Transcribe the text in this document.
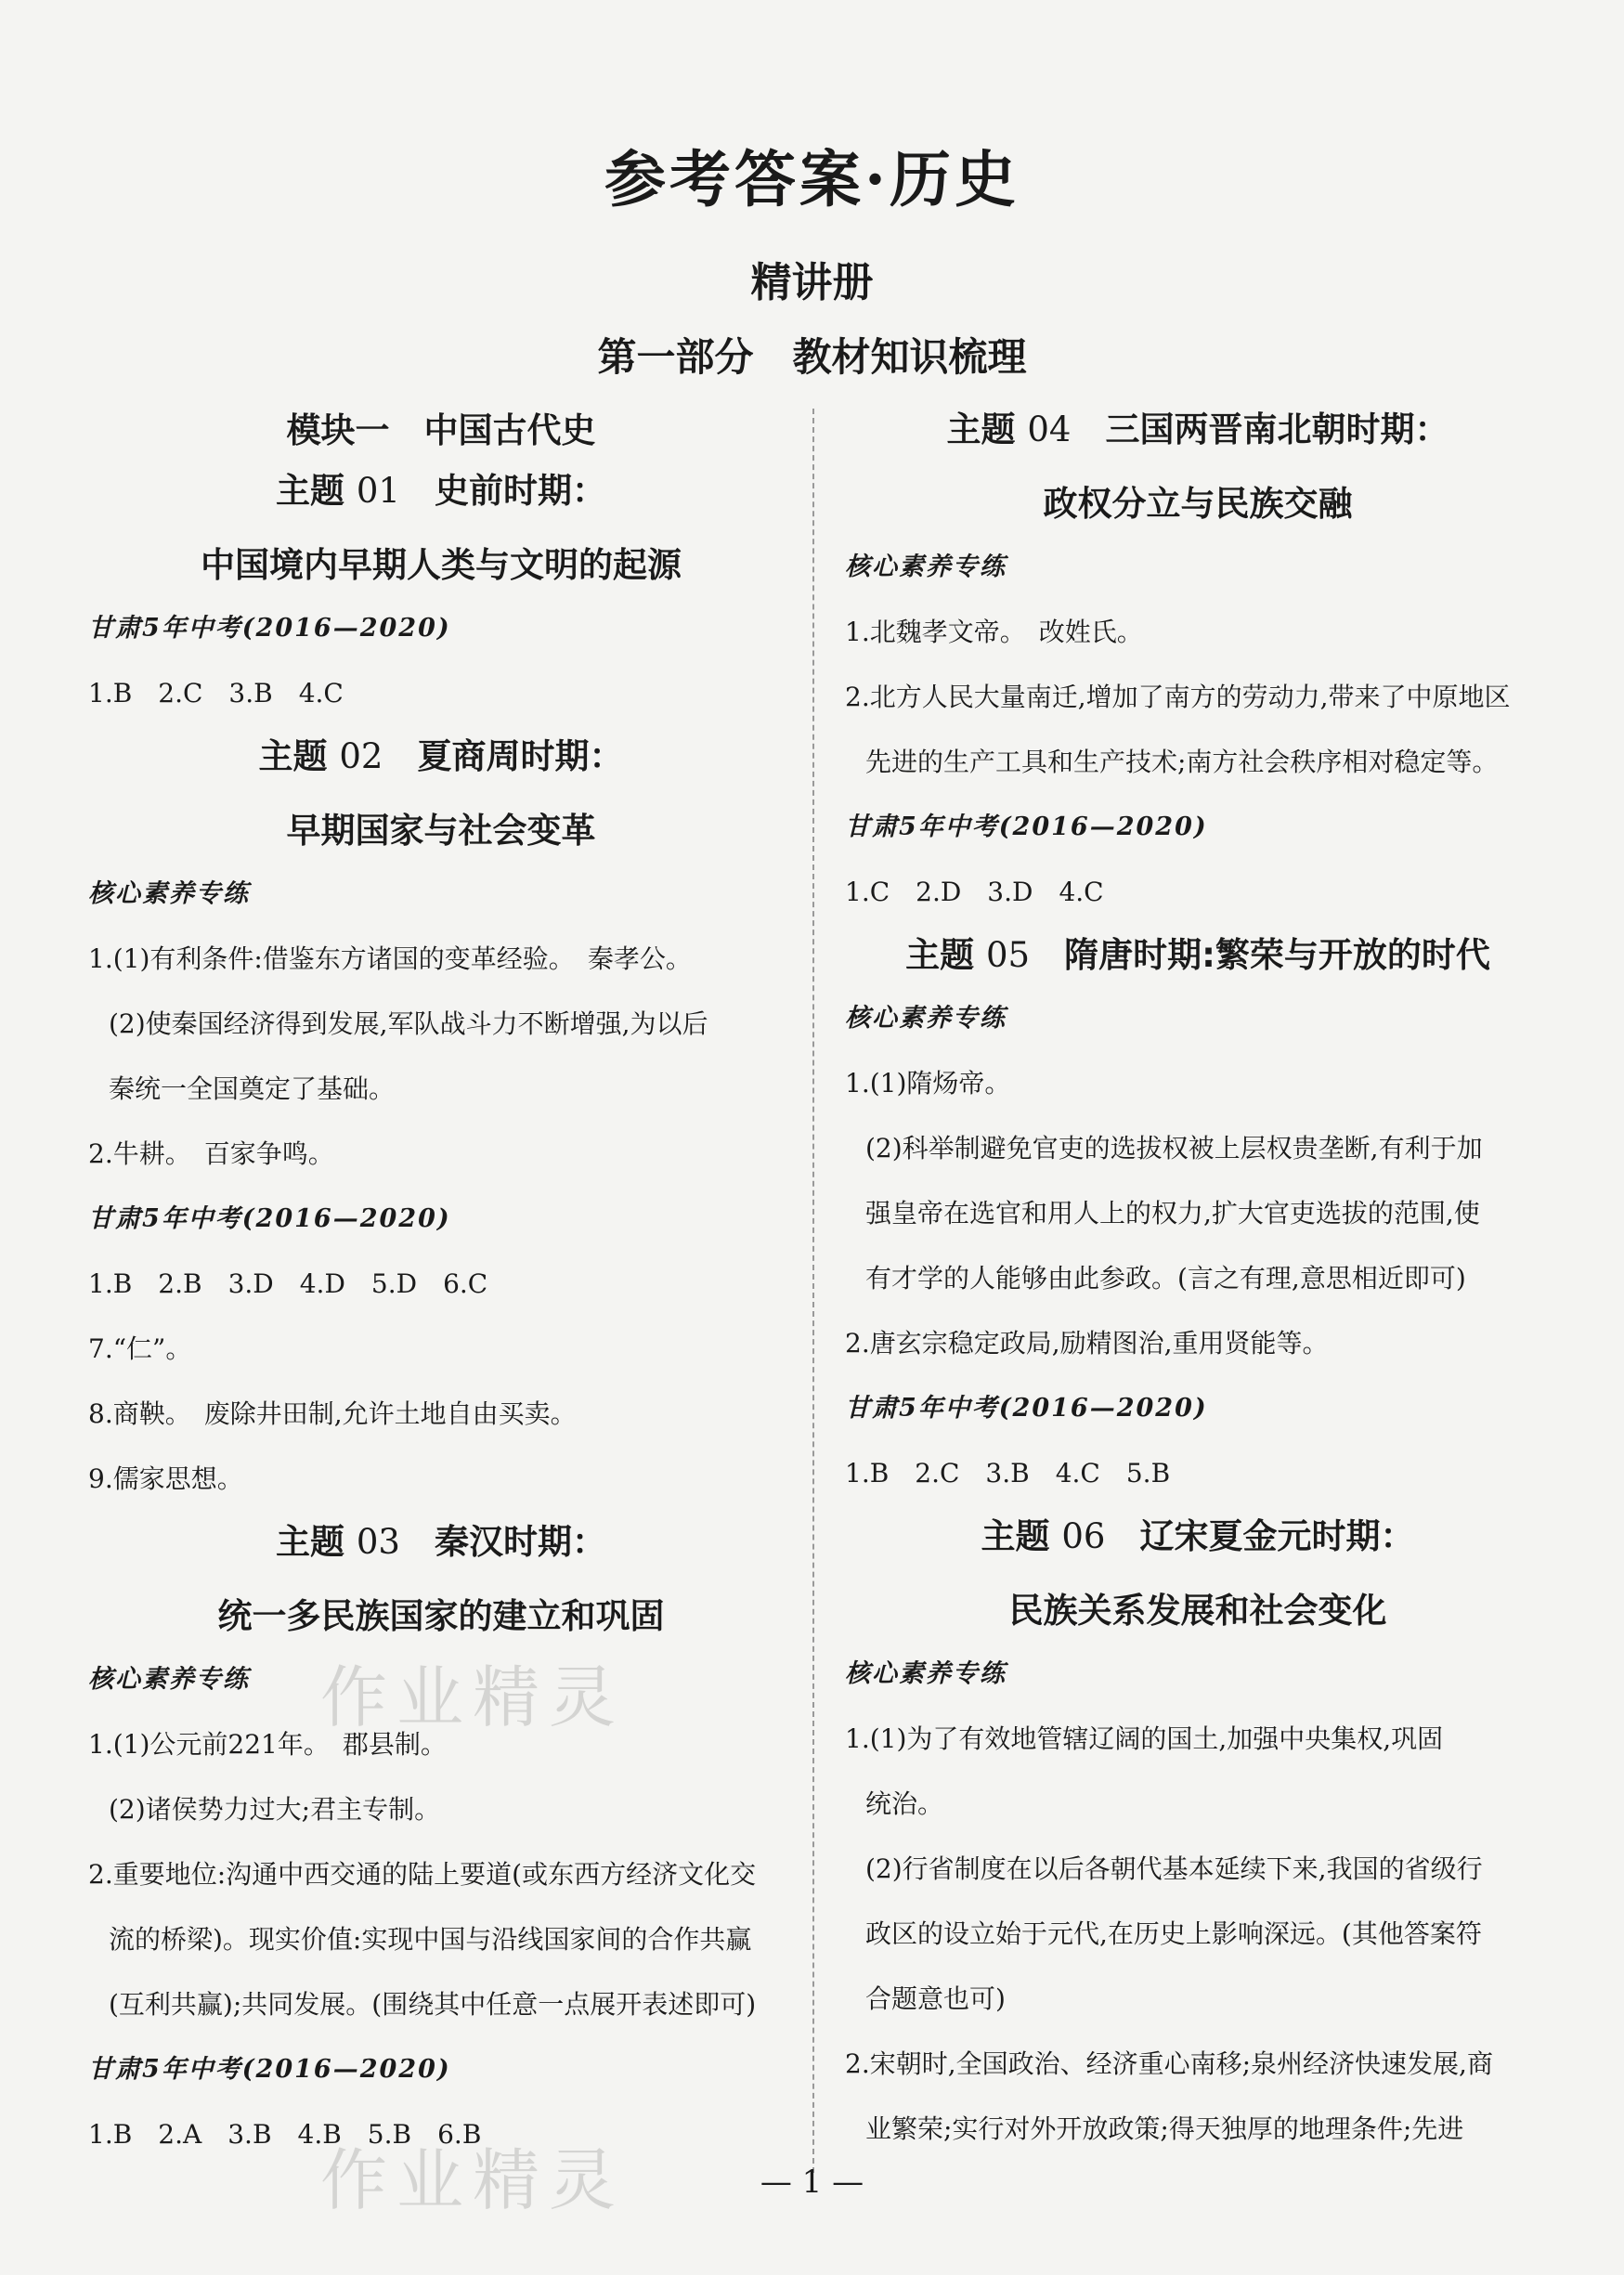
参考答案·历史
精讲册
第一部分　教材知识梳理
模块一　中国古代史
主题 01　 史前时期：
中国境内早期人类与文明的起源
甘肃5年中考(2016—2020)
1.B　2.C　3.B　4.C
主题 02　 夏商周时期：
早期国家与社会变革
核心素养专练
1.(1)有利条件:借鉴东方诸国的变革经验。　秦孝公。
(2)使秦国经济得到发展,军队战斗力不断增强,为以后
秦统一全国奠定了基础。
2.牛耕。　百家争鸣。
甘肃5年中考(2016—2020)
1.B　2.B　3.D　4.D　5.D　6.C
7.“仁”。
8.商鞅。　废除井田制,允许土地自由买卖。
9.儒家思想。
主题 03　 秦汉时期：
统一多民族国家的建立和巩固
核心素养专练
1.(1)公元前221年。　郡县制。
(2)诸侯势力过大;君主专制。
2.重要地位:沟通中西交通的陆上要道(或东西方经济文化交
流的桥梁)。现实价值:实现中国与沿线国家间的合作共赢
(互利共赢);共同发展。(围绕其中任意一点展开表述即可)
甘肃5年中考(2016—2020)
1.B　2.A　3.B　4.B　5.B　6.B
主题 04　 三国两晋南北朝时期：
政权分立与民族交融
核心素养专练
1.北魏孝文帝。　改姓氏。
2.北方人民大量南迁,增加了南方的劳动力,带来了中原地区
先进的生产工具和生产技术;南方社会秩序相对稳定等。
甘肃5年中考(2016—2020)
1.C　2.D　3.D　4.C
主题 05　 隋唐时期:繁荣与开放的时代
核心素养专练
1.(1)隋炀帝。
(2)科举制避免官吏的选拔权被上层权贵垄断,有利于加
强皇帝在选官和用人上的权力,扩大官吏选拔的范围,使
有才学的人能够由此参政。(言之有理,意思相近即可)
2.唐玄宗稳定政局,励精图治,重用贤能等。
甘肃5年中考(2016—2020)
1.B　2.C　3.B　4.C　5.B
主题 06　 辽宋夏金元时期：
民族关系发展和社会变化
核心素养专练
1.(1)为了有效地管辖辽阔的国土,加强中央集权,巩固
统治。
(2)行省制度在以后各朝代基本延续下来,我国的省级行
政区的设立始于元代,在历史上影响深远。(其他答案符
合题意也可)
2.宋朝时,全国政治、经济重心南移;泉州经济快速发展,商
业繁荣;实行对外开放政策;得天独厚的地理条件;先进
作业精灵
作业精灵	— 1 —
